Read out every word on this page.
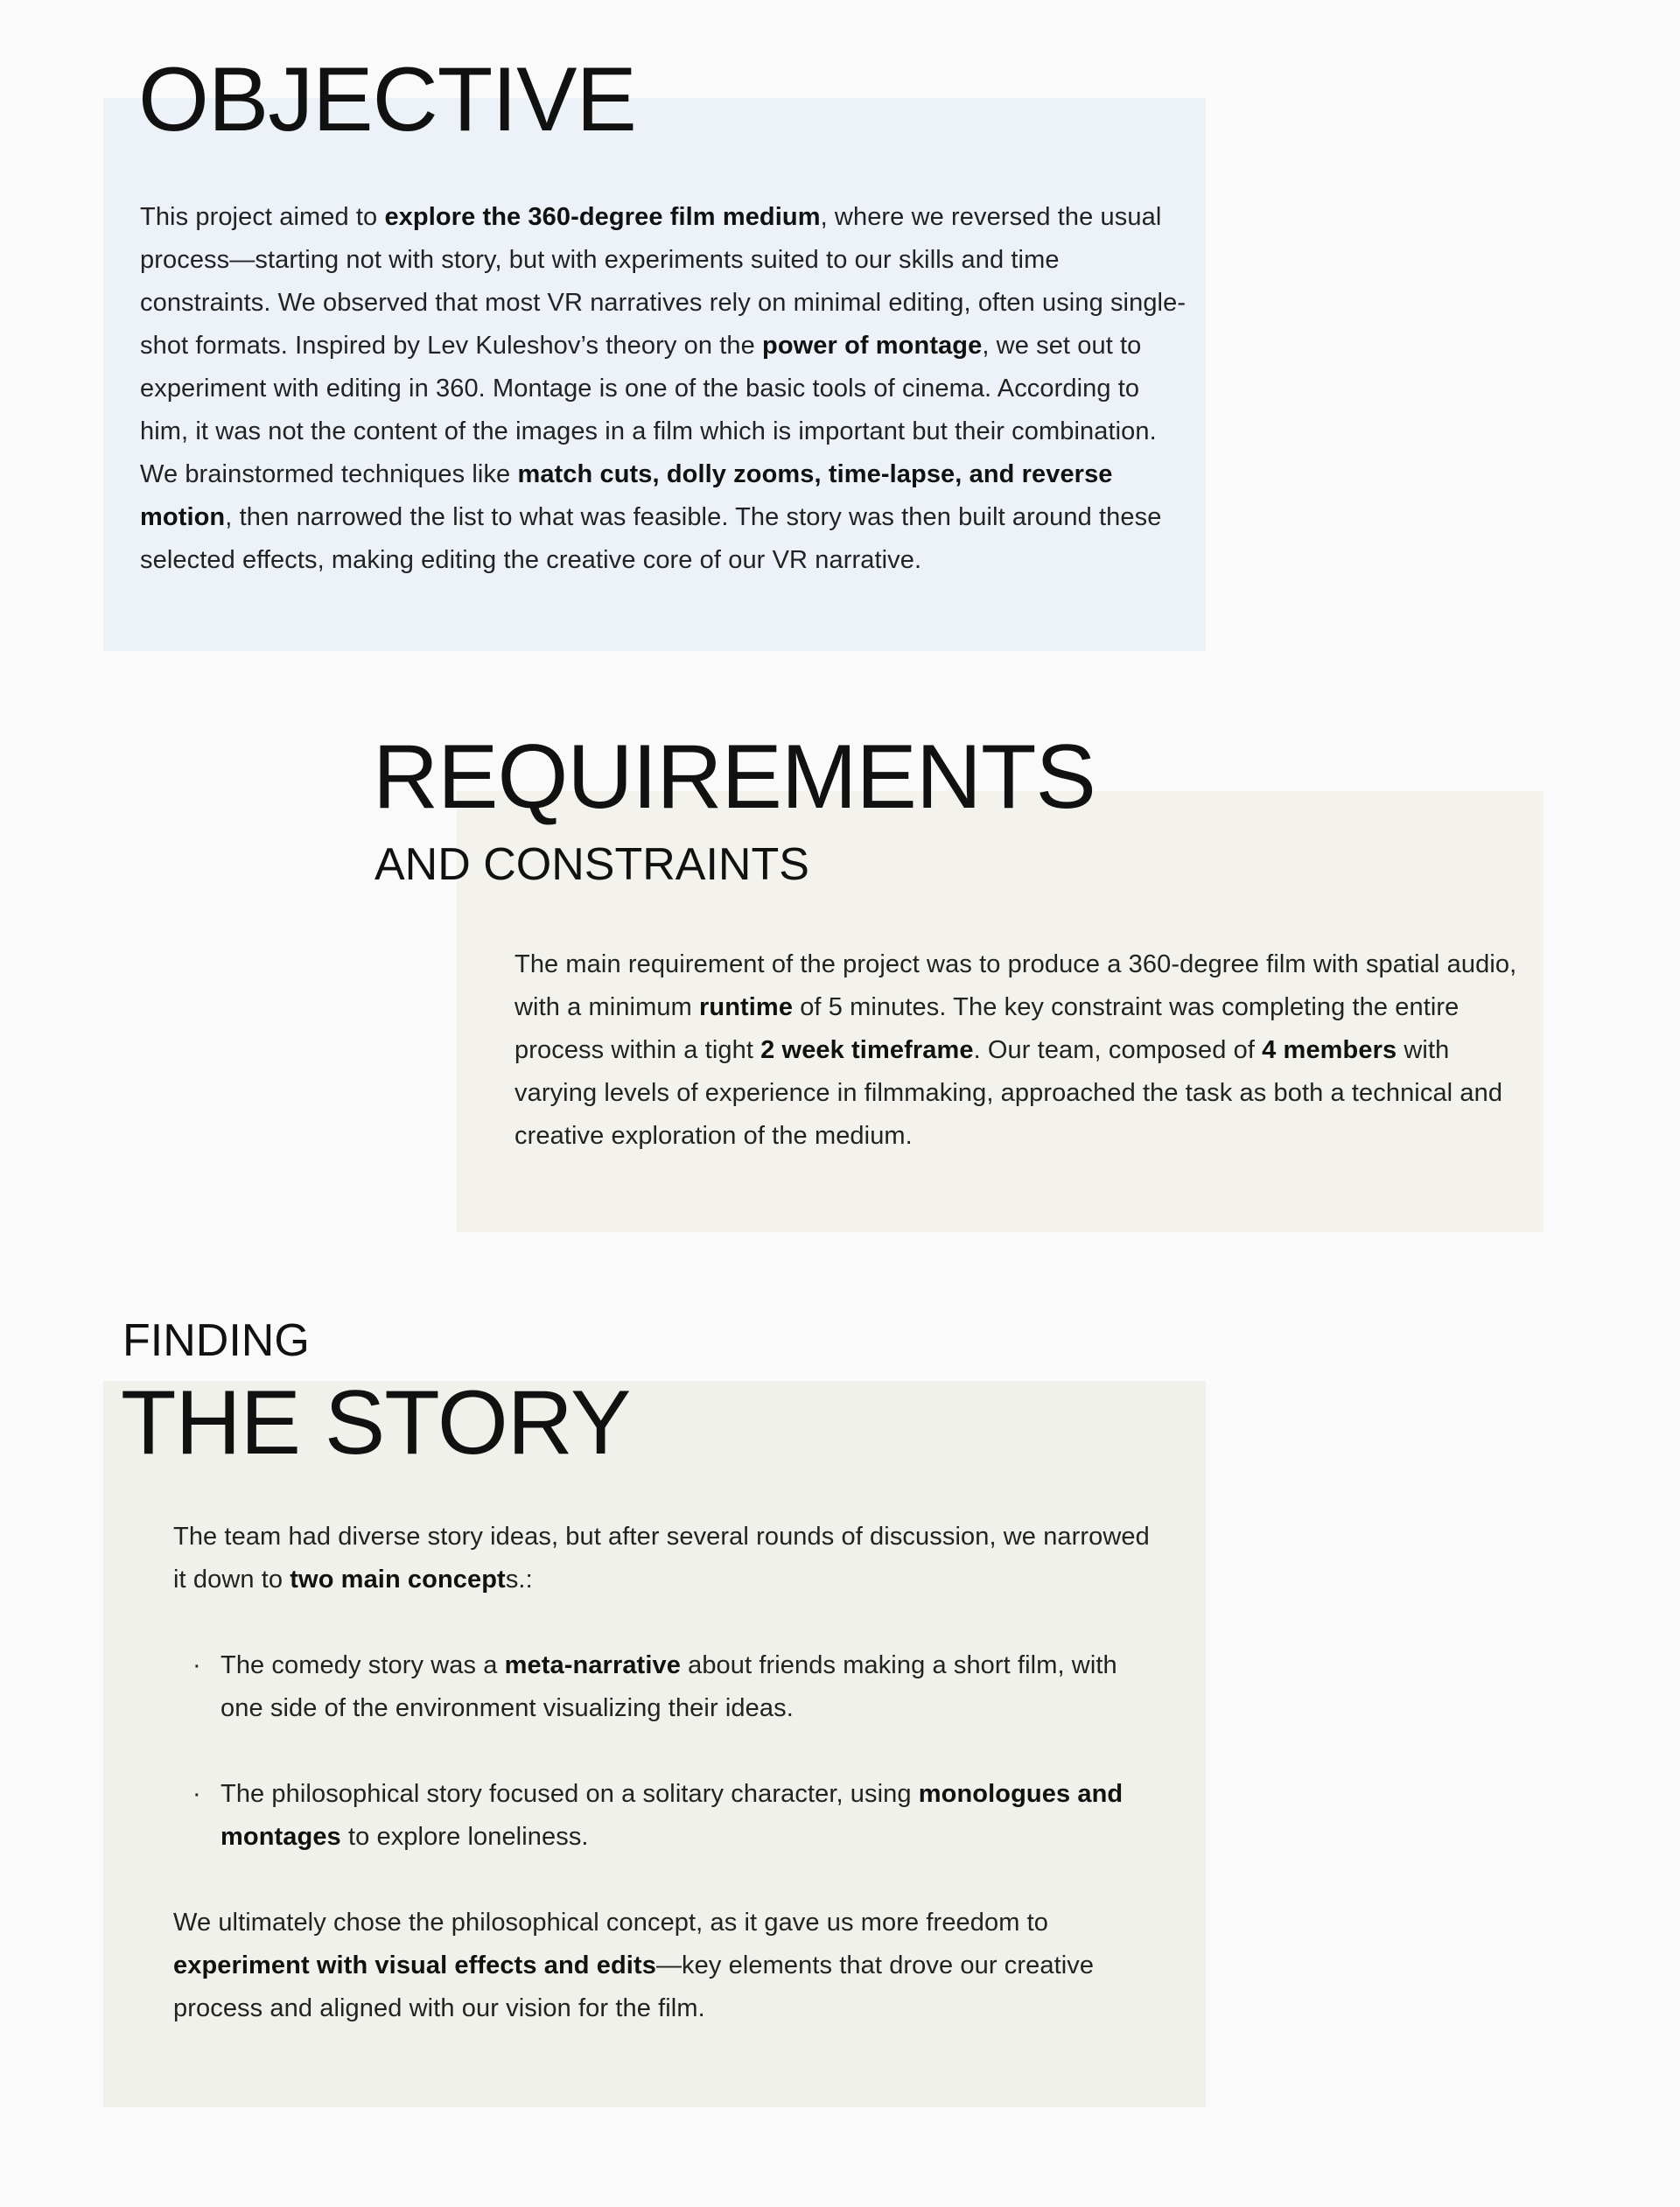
OBJECTIVE

This project aimed to explore the 360-degree film medium, where we reversed the usual process—starting not with story, but with experiments suited to our skills and time constraints. We observed that most VR narratives rely on minimal editing, often using single-shot formats. Inspired by Lev Kuleshov’s theory on the power of montage, we set out to experiment with editing in 360. Montage is one of the basic tools of cinema. According to him, it was not the content of the images in a film which is important but their combination. We brainstormed techniques like match cuts, dolly zooms, time-lapse, and reverse motion, then narrowed the list to what was feasible. The story was then built around these selected effects, making editing the creative core of our VR narrative.

REQUIREMENTS
AND CONSTRAINTS

The main requirement of the project was to produce a 360-degree film with spatial audio, with a minimum runtime of 5 minutes. The key constraint was completing the entire process within a tight 2 week timeframe. Our team, composed of 4 members with varying levels of experience in filmmaking, approached the task as both a technical and creative exploration of the medium.

FINDING
THE STORY

The team had diverse story ideas, but after several rounds of discussion, we narrowed it down to two main concepts.:

· The comedy story was a meta-narrative about friends making a short film, with one side of the environment visualizing their ideas.
· The philosophical story focused on a solitary character, using monologues and montages to explore loneliness.

We ultimately chose the philosophical concept, as it gave us more freedom to experiment with visual effects and edits—key elements that drove our creative process and aligned with our vision for the film.
